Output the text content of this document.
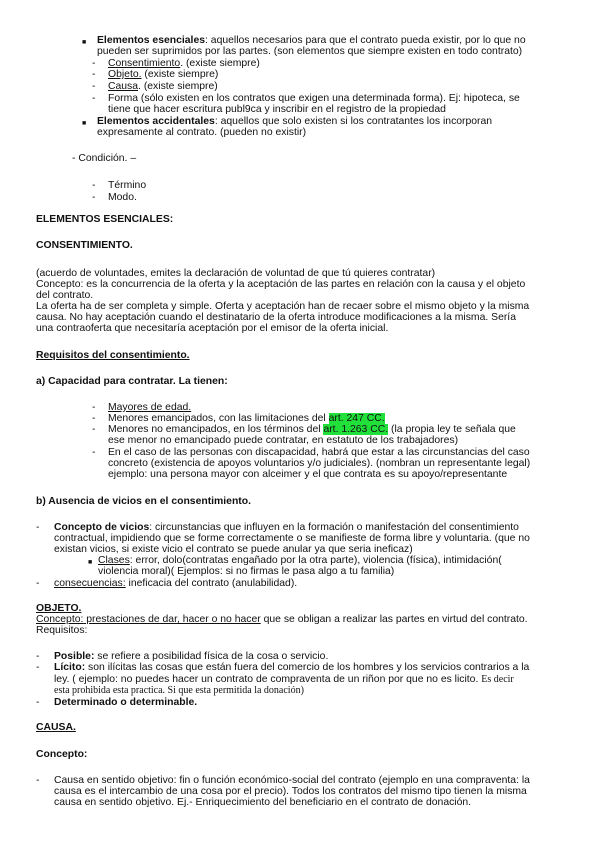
■ Elementos esenciales: aquellos necesarios para que el contrato pueda existir, por lo que no
pueden ser suprimidos por las partes. (son elementos que siempre existen en todo contrato)
- Consentimiento. (existe siempre)
- Objeto. (existe siempre)
- Causa. (existe siempre)
- Forma (sólo existen en los contratos que exigen una determinada forma). Ej: hipoteca, se
tiene que hacer escritura publ9ca y inscribir en el registro de la propiedad
■ Elementos accidentales: aquellos que solo existen si los contratantes los incorporan
expresamente al contrato. (pueden no existir)
- Condición. –
- Término
- Modo.
ELEMENTOS ESENCIALES:
CONSENTIMIENTO.
(acuerdo de voluntades, emites la declaración de voluntad de que tú quieres contratar)
Concepto: es la concurrencia de la oferta y la aceptación de las partes en relación con la causa y el objeto
del contrato.
La oferta ha de ser completa y simple. Oferta y aceptación han de recaer sobre el mismo objeto y la misma
causa. No hay aceptación cuando el destinatario de la oferta introduce modificaciones a la misma. Sería
una contraoferta que necesitaría aceptación por el emisor de la oferta inicial.
Requisitos del consentimiento.
a) Capacidad para contratar. La tienen:
- Mayores de edad.
- Menores emancipados, con las limitaciones del art. 247 CC.
- Menores no emancipados, en los términos del art. 1.263 CC. (la propia ley te señala que
ese menor no emancipado puede contratar, en estatuto de los trabajadores)
- En el caso de las personas con discapacidad, habrá que estar a las circunstancias del caso
concreto (existencia de apoyos voluntarios y/o judiciales). (nombran un representante legal)
ejemplo: una persona mayor con alceimer y el que contrata es su apoyo/representante
b) Ausencia de vicios en el consentimiento.
- Concepto de vicios: circunstancias que influyen en la formación o manifestación del consentimiento
contractual, impidiendo que se forme correctamente o se manifieste de forma libre y voluntaria. (que no
existan vicios, si existe vicio el contrato se puede anular ya que seria ineficaz)
■ Clases: error, dolo(contratas engañado por la otra parte), violencia (física), intimidación(
violencia moral)( Ejemplos: si no firmas le pasa algo a tu familia)
- consecuencias: ineficacia del contrato (anulabilidad).
OBJETO.
Concepto: prestaciones de dar, hacer o no hacer que se obligan a realizar las partes en virtud del contrato.
Requisitos:
- Posible: se refiere a posibilidad física de la cosa o servicio.
- Lícito: son ilícitas las cosas que están fuera del comercio de los hombres y los servicios contrarios a la
ley. ( ejemplo: no puedes hacer un contrato de compraventa de un riñon por que no es licito. Es decir
esta prohibida esta practica. Si que esta permitida la donación)
- Determinado o determinable.
CAUSA.
Concepto:
- Causa en sentido objetivo: fin o función económico-social del contrato (ejemplo en una compraventa: la
causa es el intercambio de una cosa por el precio). Todos los contratos del mismo tipo tienen la misma
causa en sentido objetivo. Ej.- Enriquecimiento del beneficiario en el contrato de donación.
